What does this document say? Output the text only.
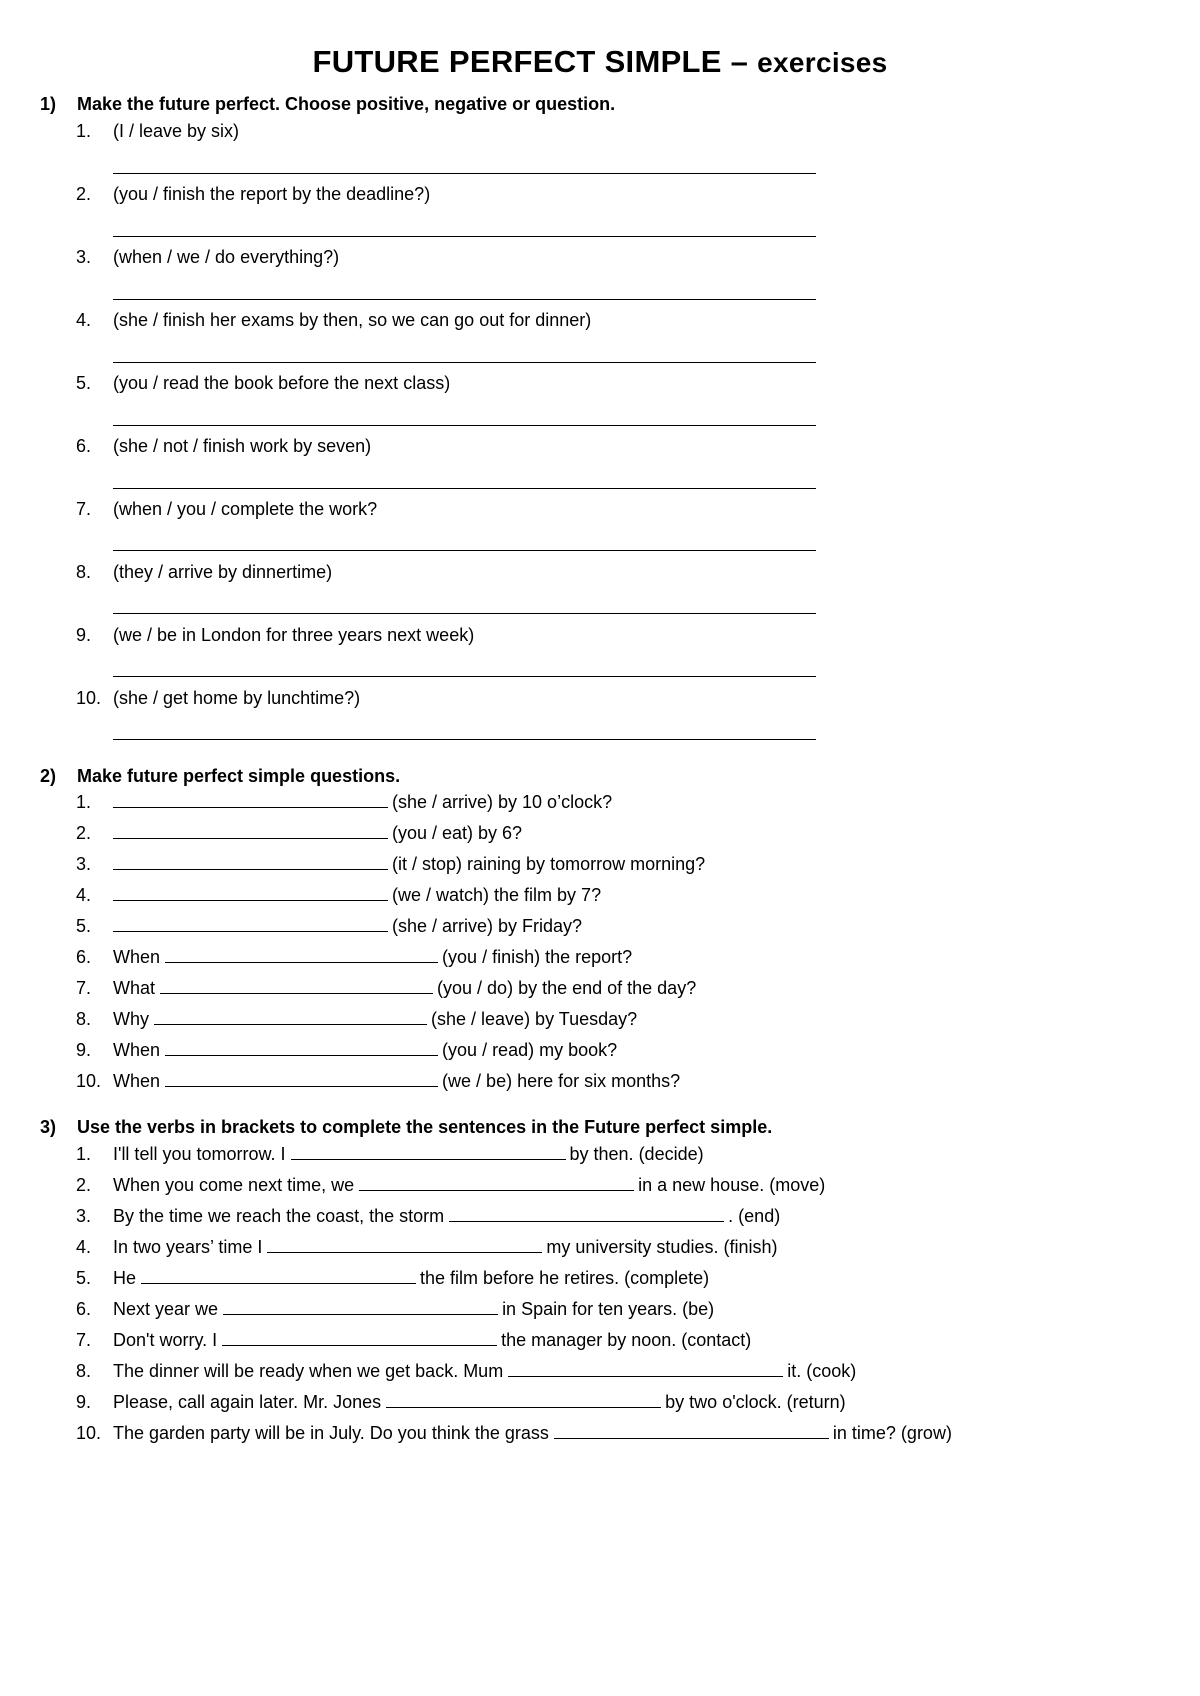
FUTURE PERFECT SIMPLE – exercises
1) Make the future perfect. Choose positive, negative or question.
1. (I / leave by six)
2. (you / finish the report by the deadline?)
3. (when / we / do everything?)
4. (she / finish her exams by then, so we can go out for dinner)
5. (you / read the book before the next class)
6. (she / not / finish work by seven)
7. (when / you / complete the work?
8. (they / arrive by dinnertime)
9. (we / be in London for three years next week)
10. (she / get home by lunchtime?)
2) Make future perfect simple questions.
1.	(she / arrive) by 10 o’clock?
2.	(you / eat) by 6?
3.	(it / stop) raining by tomorrow morning?
4.	(we / watch) the film by 7?
5.	(she / arrive) by Friday?
6. When	(you / finish) the report?
7. What	(you / do) by the end of the day?
8. Why	(she / leave) by Tuesday?
9. When	(you / read) my book?
10. When	(we / be) here for six months?
3) Use the verbs in brackets to complete the sentences in the Future perfect simple.
1. I'll tell you tomorrow. I	by then. (decide)
2. When you come next time, we	in a new house. (move)
3. By the time we reach the coast, the storm	. (end)
4. In two years’ time I	my university studies. (finish)
5. He	the film before he retires. (complete)
6. Next year we	in Spain for ten years. (be)
7. Don't worry. I	the manager by noon. (contact)
8. The dinner will be ready when we get back. Mum	it. (cook)
9. Please, call again later. Mr. Jones	by two o'clock. (return)
10. The garden party will be in July. Do you think the grass	in time? (grow)
